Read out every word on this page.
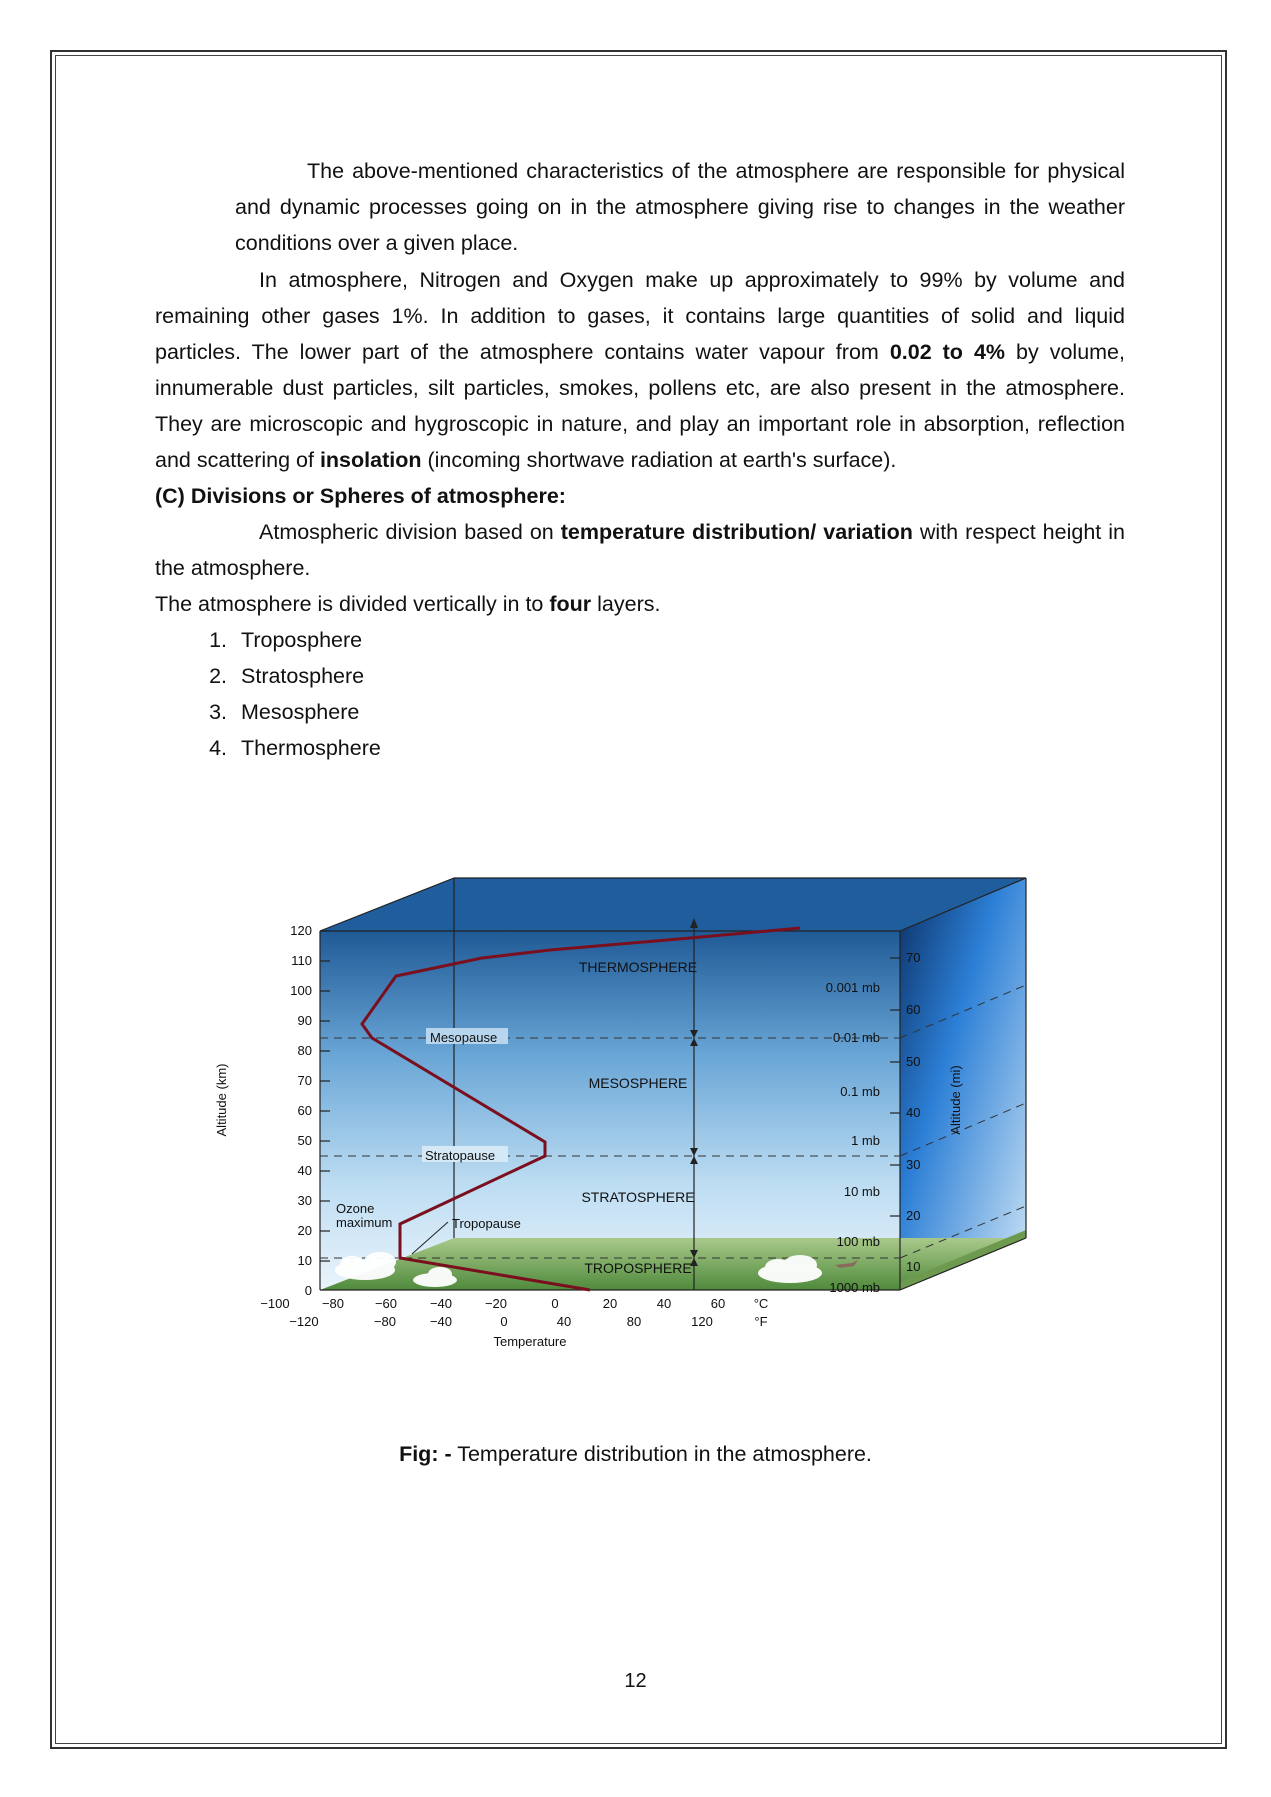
The above-mentioned characteristics of the atmosphere are responsible for physical and dynamic processes going on in the atmosphere giving rise to changes in the weather conditions over a given place.

In atmosphere, Nitrogen and Oxygen make up approximately to 99% by volume and remaining other gases 1%. In addition to gases, it contains large quantities of solid and liquid particles. The lower part of the atmosphere contains water vapour from 0.02 to 4% by volume, innumerable dust particles, silt particles, smokes, pollens etc, are also present in the atmosphere. They are microscopic and hygroscopic in nature, and play an important role in absorption, reflection and scattering of insolation (incoming shortwave radiation at earth's surface).

(C) Divisions or Spheres of atmosphere:

Atmospheric division based on temperature distribution/ variation with respect height in the atmosphere.

The atmosphere is divided vertically in to four layers.

1. Troposphere
2. Stratosphere
3. Mesosphere
4. Thermosphere
120
110
100
90
80
70
60
50
40
30
20
10
0
Altitude (km)
70
60
50
40
30
20
10
Altitude (mi)
0.001 mb
0.01 mb
0.1 mb
1 mb
10 mb
100 mb
1000 mb
THERMOSPHERE
MESOSPHERE
STRATOSPHERE
TROPOSPHERE
Mesopause
Stratopause
Tropopause
Ozone
maximum
−100 −80 −60	−40	−20	0	20	40	60 °C
−120	−80	−40	0	40	80	120	°F
Temperature
Fig: - Temperature distribution in the atmosphere.
12
